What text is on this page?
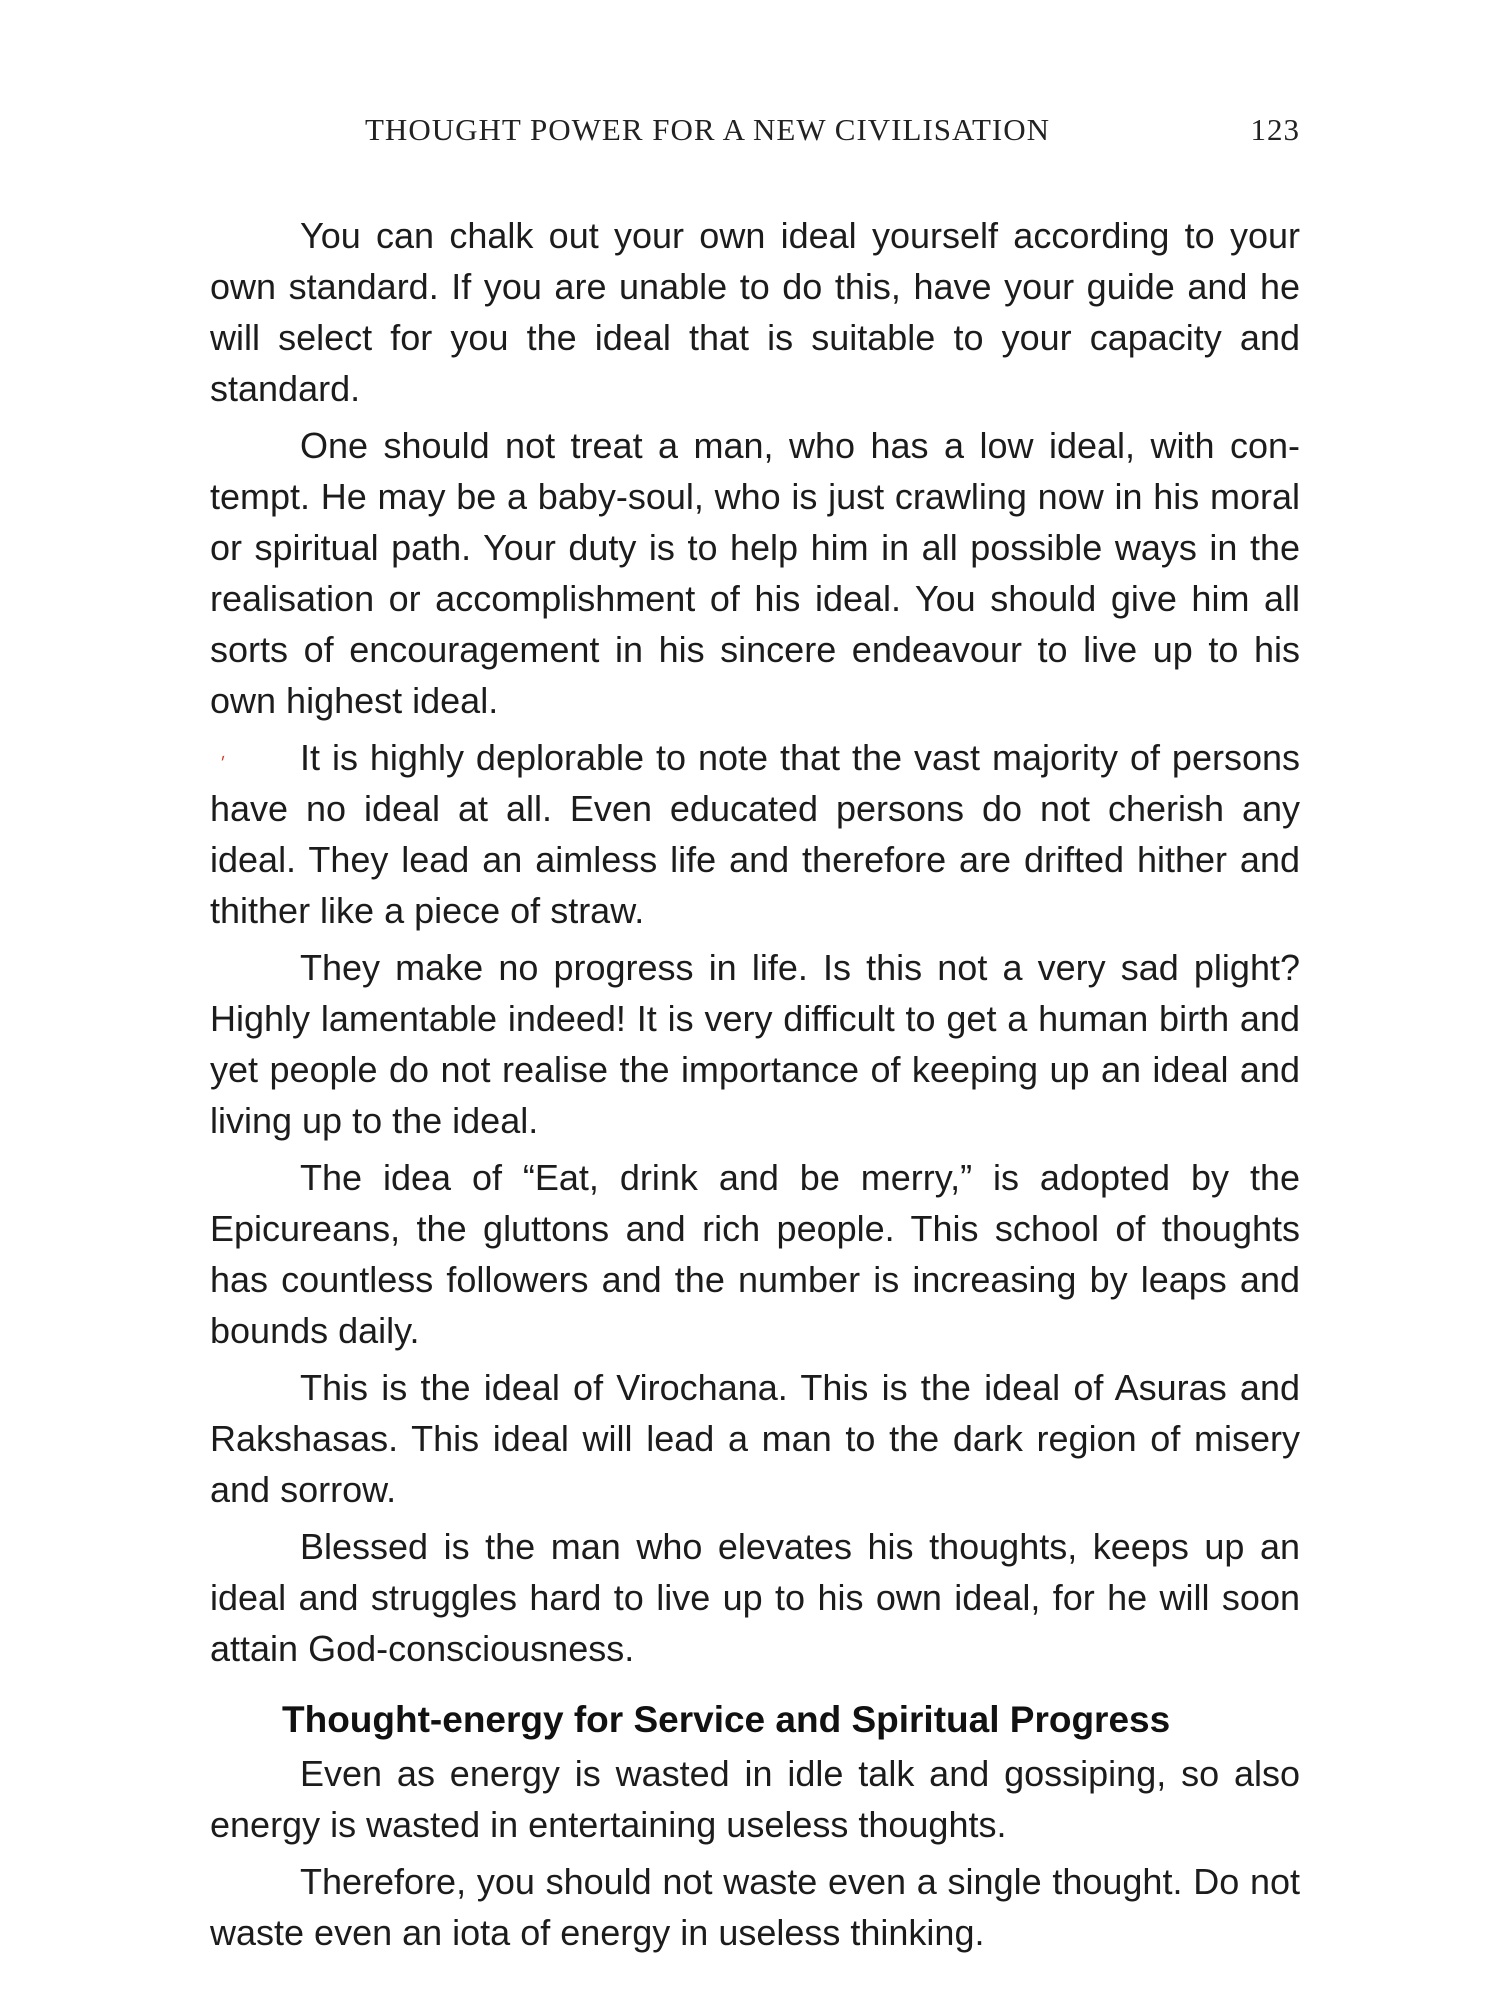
THOUGHT POWER FOR A NEW CIVILISATION	123
ˏ

You can chalk out your own ideal yourself according to your own standard. If you are unable to do this, have your guide and he will select for you the ideal that is suitable to your capacity and standard.

One should not treat a man, who has a low ideal, with contempt. He may be a baby-soul, who is just crawling now in his moral or spiritual path. Your duty is to help him in all possible ways in the realisation or accomplishment of his ideal. You should give him all sorts of encouragement in his sincere endeavour to live up to his own highest ideal.

It is highly deplorable to note that the vast majority of persons have no ideal at all. Even educated persons do not cherish any ideal. They lead an aimless life and therefore are drifted hither and thither like a piece of straw.

They make no progress in life. Is this not a very sad plight? Highly lamentable indeed! It is very difficult to get a human birth and yet people do not realise the importance of keeping up an ideal and living up to the ideal.

The idea of “Eat, drink and be merry,” is adopted by the Epicureans, the gluttons and rich people. This school of thoughts has countless followers and the number is increasing by leaps and bounds daily.

This is the ideal of Virochana. This is the ideal of Asuras and Rakshasas. This ideal will lead a man to the dark region of misery and sorrow.

Blessed is the man who elevates his thoughts, keeps up an ideal and struggles hard to live up to his own ideal, for he will soon attain God-consciousness.

Thought-energy for Service and Spiritual Progress

Even as energy is wasted in idle talk and gossiping, so also energy is wasted in entertaining useless thoughts.

Therefore, you should not waste even a single thought. Do not waste even an iota of energy in useless thinking.
